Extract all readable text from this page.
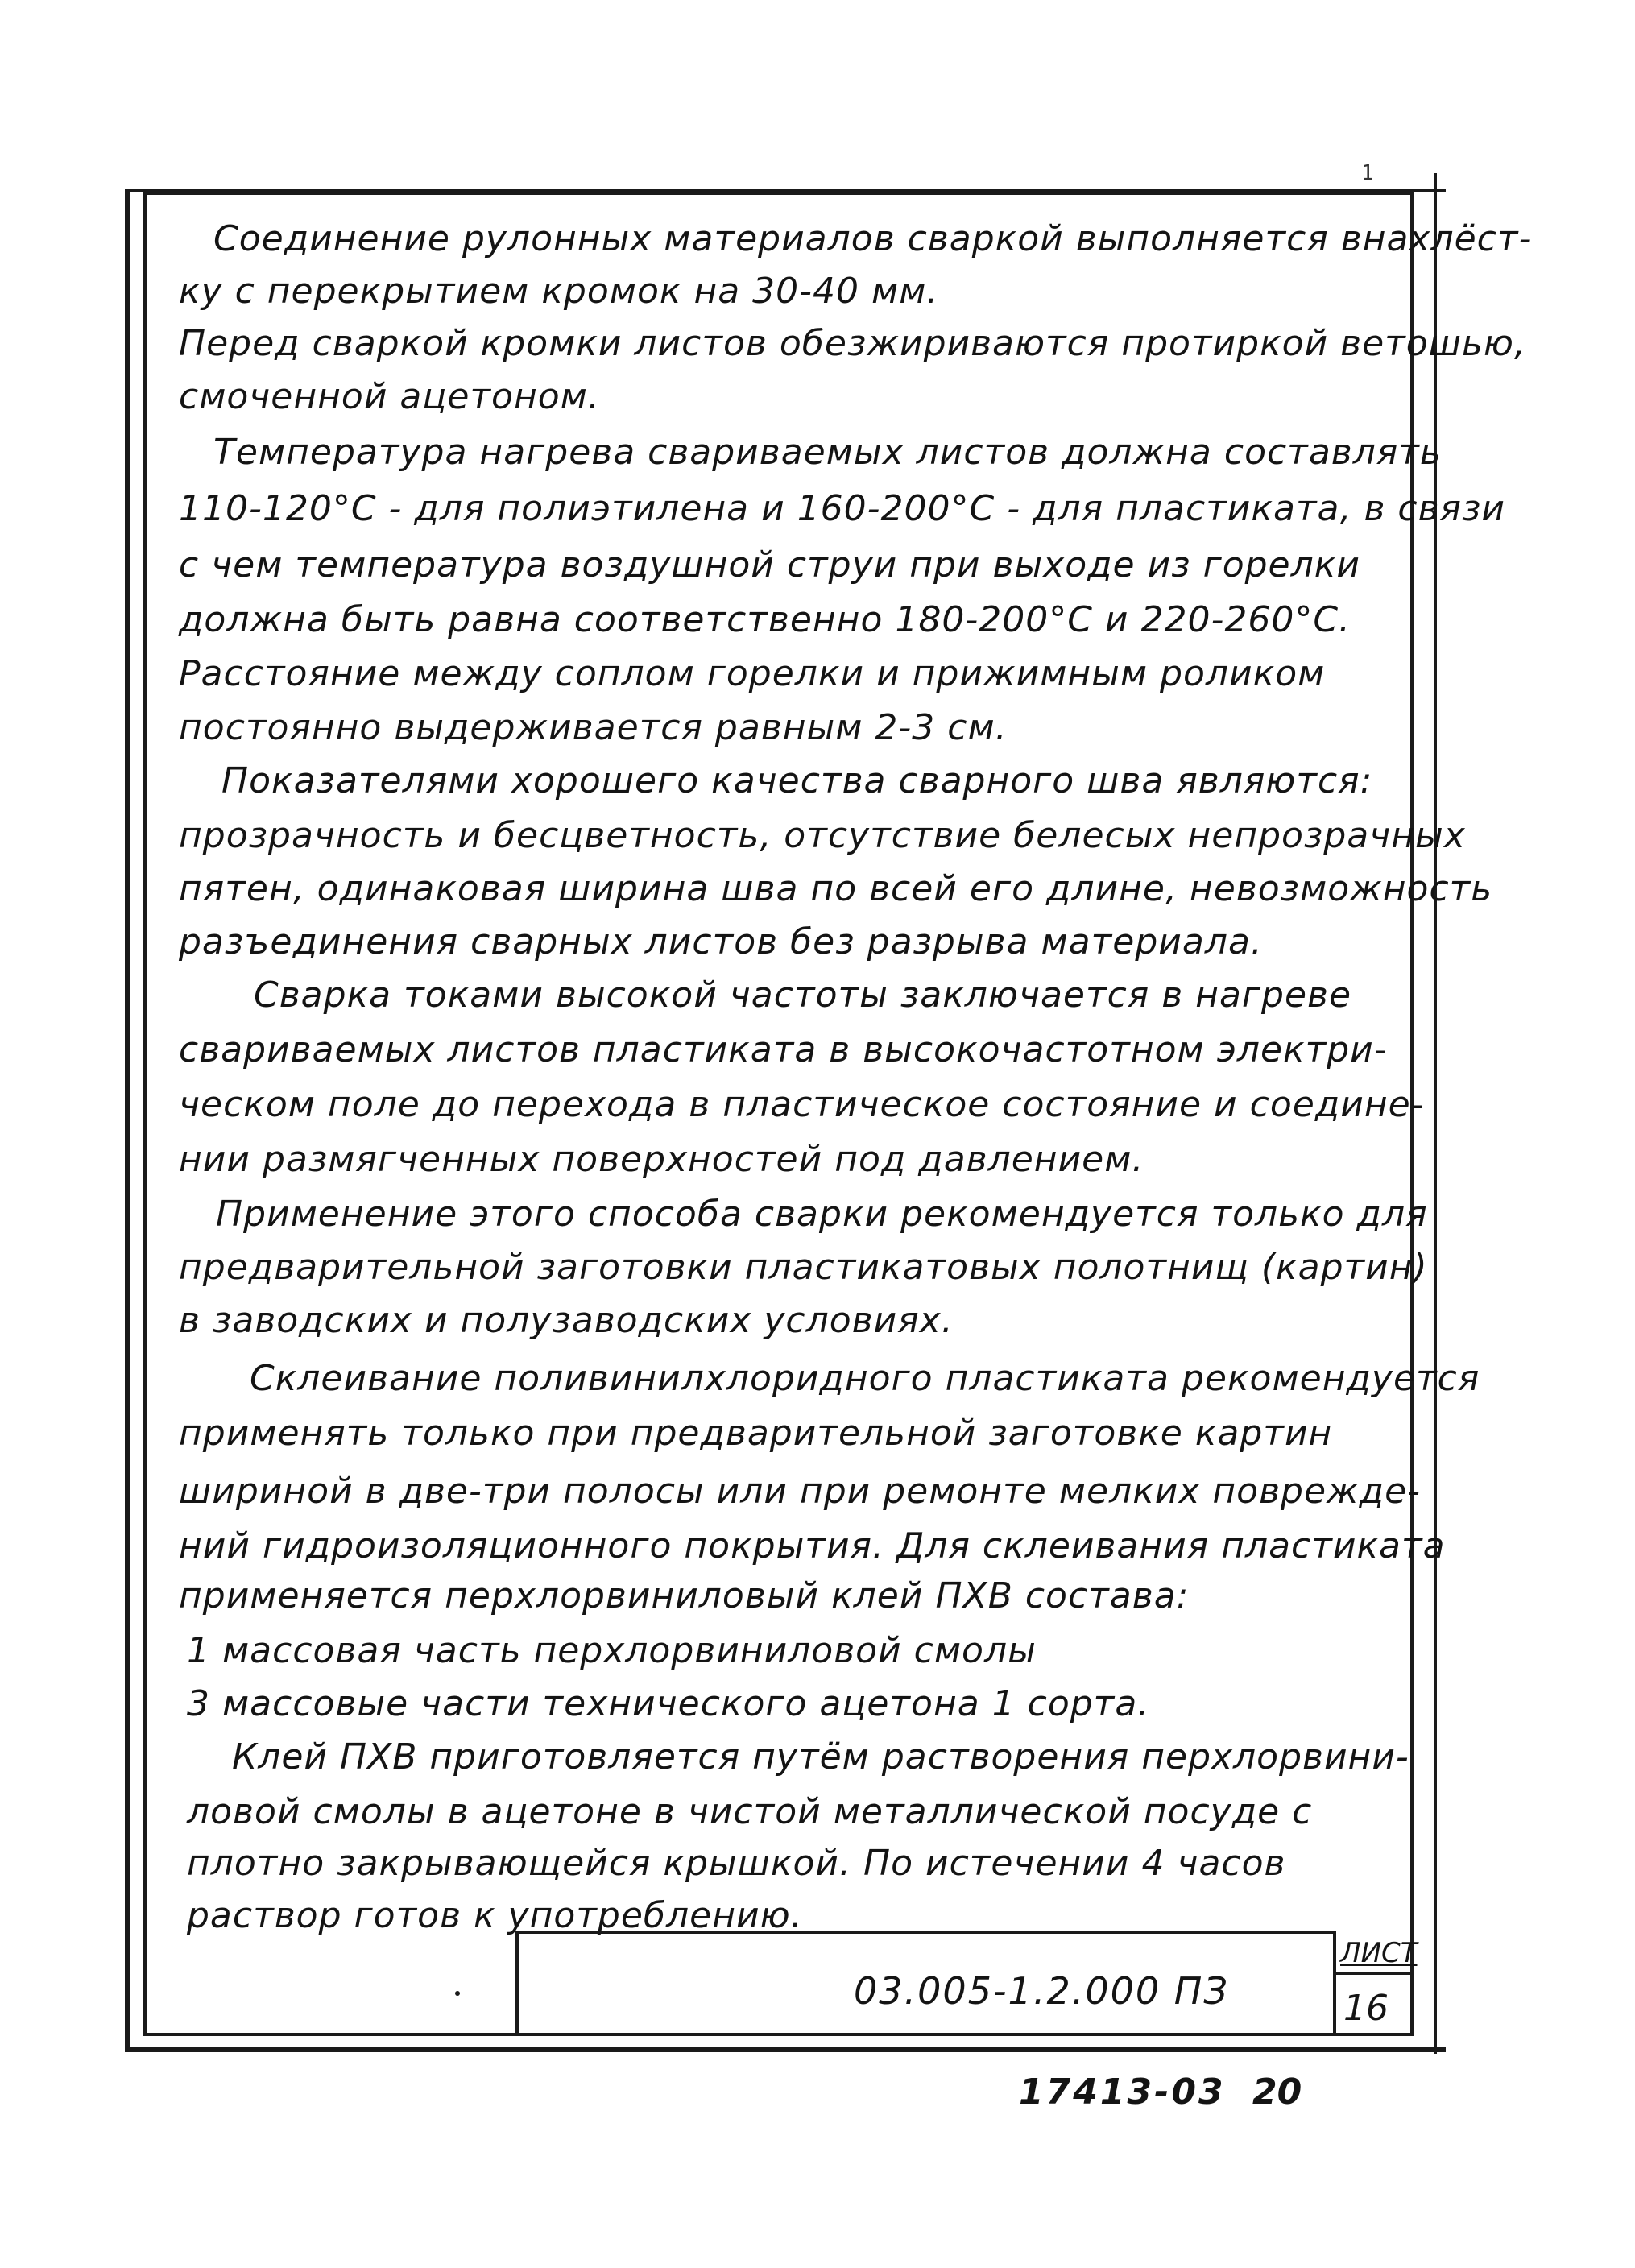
1
Соединение рулонных материалов сваркой выполняется внахлёст-
ку с перекрытием кромок на 30-40 мм.
Перед сваркой кромки листов обезжириваются протиркой ветошью,
смоченной ацетоном.
Температура нагрева свариваемых листов должна составлять
110-120°С - для полиэтилена и 160-200°С - для пластиката, в связи
с чем температура воздушной струи при выходе из горелки
должна быть равна соответственно 180-200°С и 220-260°С.
Расстояние между соплом горелки и прижимным роликом
постоянно выдерживается равным 2-3 см.
Показателями хорошего качества сварного шва являются:
прозрачность и бесцветность, отсутствие белесых непрозрачных
пятен, одинаковая ширина шва по всей его длине, невозможность
разъединения сварных листов без разрыва материала.
Сварка токами высокой частоты заключается в нагреве
свариваемых листов пластиката в высокочастотном электри-
ческом поле до перехода в пластическое состояние и соедине-
нии размягченных поверхностей под давлением.
Применение этого способа сварки рекомендуется только для
предварительной заготовки пластикатовых полотнищ (картин)
в заводских и полузаводских условиях.
Склеивание поливинилхлоридного пластиката рекомендуется
применять только при предварительной заготовке картин
шириной в две-три полосы или при ремонте мелких поврежде-
ний гидроизоляционного покрытия. Для склеивания пластиката
применяется перхлорвиниловый клей ПХВ состава:
1 массовая часть перхлорвиниловой смолы
3 массовые части технического ацетона 1 сорта.
Клей ПХВ приготовляется путём растворения перхлорвини-
ловой смолы в ацетоне в чистой металлической посуде с
плотно закрывающейся крышкой. По истечении 4 часов
раствор готов к употреблению.
03.005-1.2.000 ПЗ
ЛИСТ
16
17413-03 20
